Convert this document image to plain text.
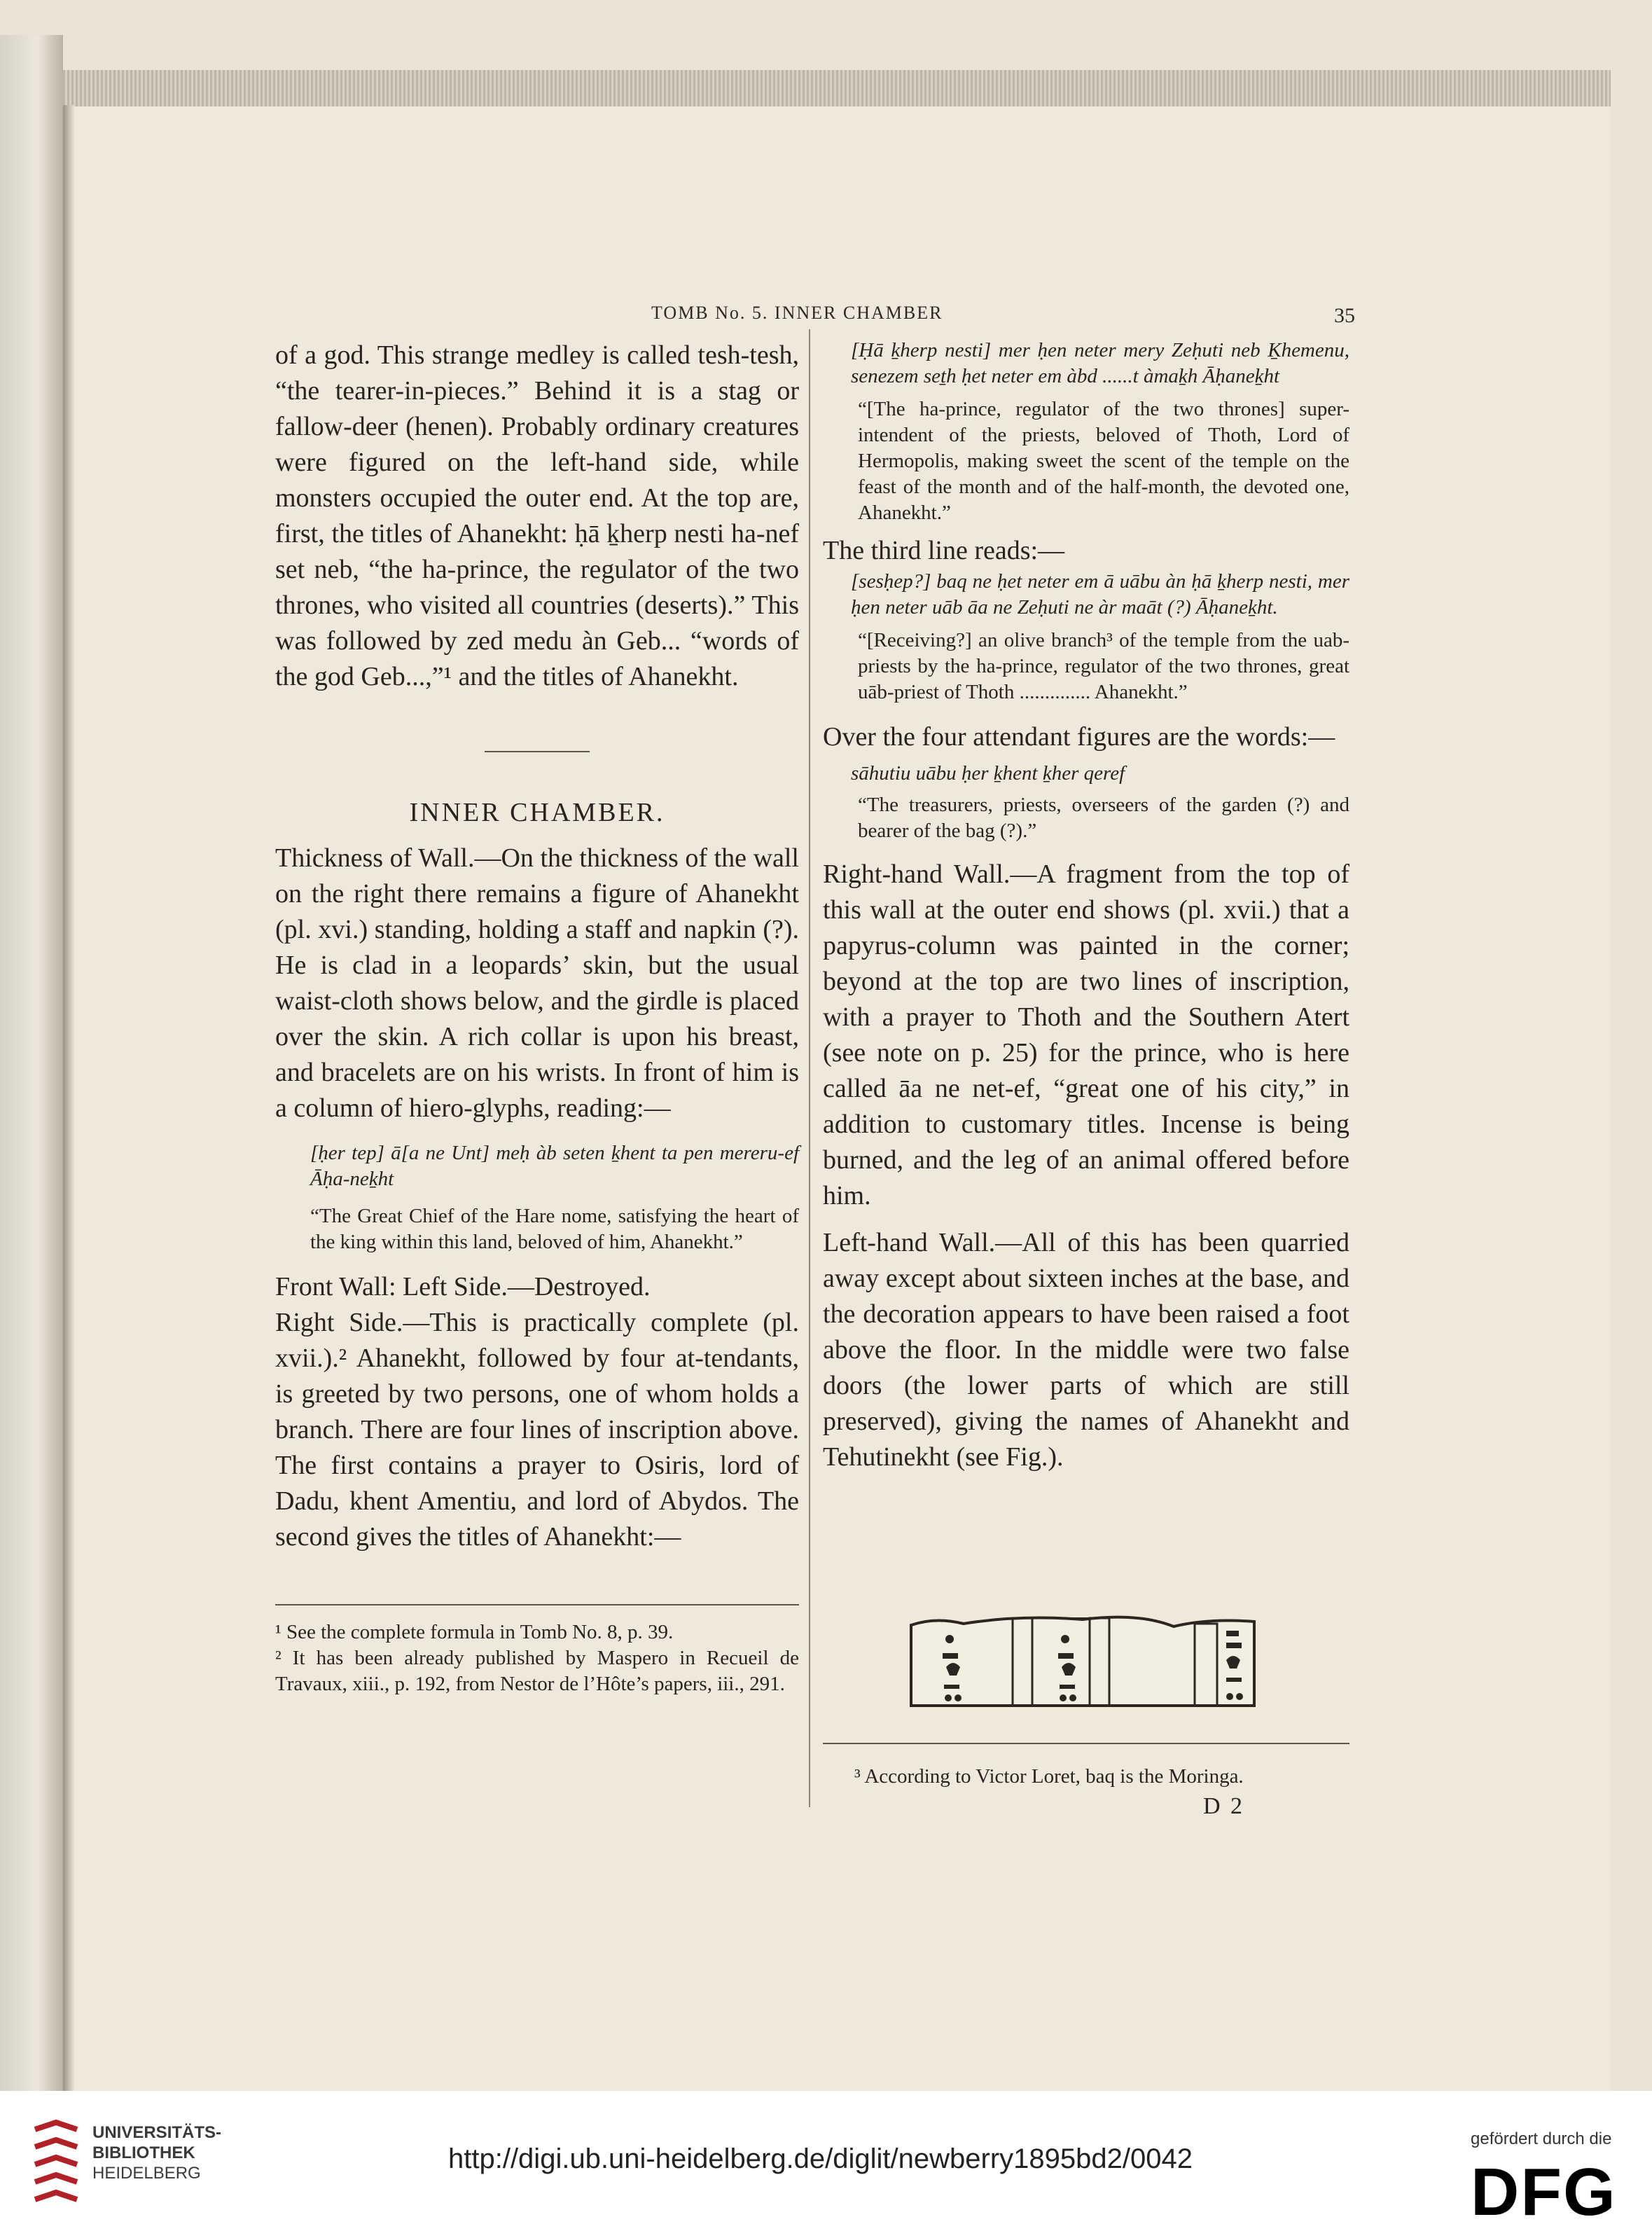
TOMB No. 5. INNER CHAMBER	35

of a god. This strange medley is called tesh-tesh, “the tearer-in-pieces.” Behind it is a stag or fallow-deer (henen). Probably ordinary creatures were figured on the left-hand side, while monsters occupied the outer end. At the top are, first, the titles of Ahanekht: ḥā ḵherp nesti ha-nef set neb, “the ha-prince, the regulator of the two thrones, who visited all countries (deserts).” This was followed by zed medu àn Geb... “words of the god Geb...,”¹ and the titles of Ahanekht.

INNER CHAMBER.

Thickness of Wall.—On the thickness of the wall on the right there remains a figure of Ahanekht (pl. xvi.) standing, holding a staff and napkin (?). He is clad in a leopards’ skin, but the usual waist-cloth shows below, and the girdle is placed over the skin. A rich collar is upon his breast, and bracelets are on his wrists. In front of him is a column of hiero-glyphs, reading:—

[ḥer tep] ā[a ne Unt] meḥ àb seten ḵhent ta pen mereru-ef Āḥa-neḵht

“The Great Chief of the Hare nome, satisfying the heart of the king within this land, beloved of him, Ahanekht.”

Front Wall: Left Side.—Destroyed.

Right Side.—This is practically complete (pl. xvii.).² Ahanekht, followed by four at-tendants, is greeted by two persons, one of whom holds a branch. There are four lines of inscription above. The first contains a prayer to Osiris, lord of Dadu, khent Amentiu, and lord of Abydos. The second gives the titles of Ahanekht:—

¹ See the complete formula in Tomb No. 8, p. 39.

² It has been already published by Maspero in Recueil de Travaux, xiii., p. 192, from Nestor de l’Hôte’s papers, iii., 291.

[Ḥā ḵherp nesti] mer ḥen neter mery Zeḥuti neb Ḵhemenu, senezem seṯh ḥet neter em àbd ......t àmaḵh Āḥaneḵht

“[The ha-prince, regulator of the two thrones] super-intendent of the priests, beloved of Thoth, Lord of Hermopolis, making sweet the scent of the temple on the feast of the month and of the half-month, the devoted one, Ahanekht.”

The third line reads:—

[sesḥep?] baq ne ḥet neter em ā uābu àn ḥā ḵherp nesti, mer ḥen neter uāb āa ne Zeḥuti ne àr maāt (?) Āḥaneḵht.

“[Receiving?] an olive branch³ of the temple from the uab-priests by the ha-prince, regulator of the two thrones, great uāb-priest of Thoth .............. Ahanekht.”

Over the four attendant figures are the words:—

sāhutiu uābu ḥer ḵhent ḵher qeref

“The treasurers, priests, overseers of the garden (?) and bearer of the bag (?).”

Right-hand Wall.—A fragment from the top of this wall at the outer end shows (pl. xvii.) that a papyrus-column was painted in the corner; beyond at the top are two lines of inscription, with a prayer to Thoth and the Southern Atert (see note on p. 25) for the prince, who is here called āa ne net-ef, “great one of his city,” in addition to customary titles. Incense is being burned, and the leg of an animal offered before him.

Left-hand Wall.—All of this has been quarried away except about sixteen inches at the base, and the decoration appears to have been raised a foot above the floor. In the middle were two false doors (the lower parts of which are still preserved), giving the names of Ahanekht and Tehutinekht (see Fig.).

³ According to Victor Loret, baq is the Moringa.
D 2
UNIVERSITÄTS-
BIBLIOTHEK
HEIDELBERG	http://digi.ub.uni-heidelberg.de/diglit/newberry1895bd2/0042
gefördert durch die
DFG
